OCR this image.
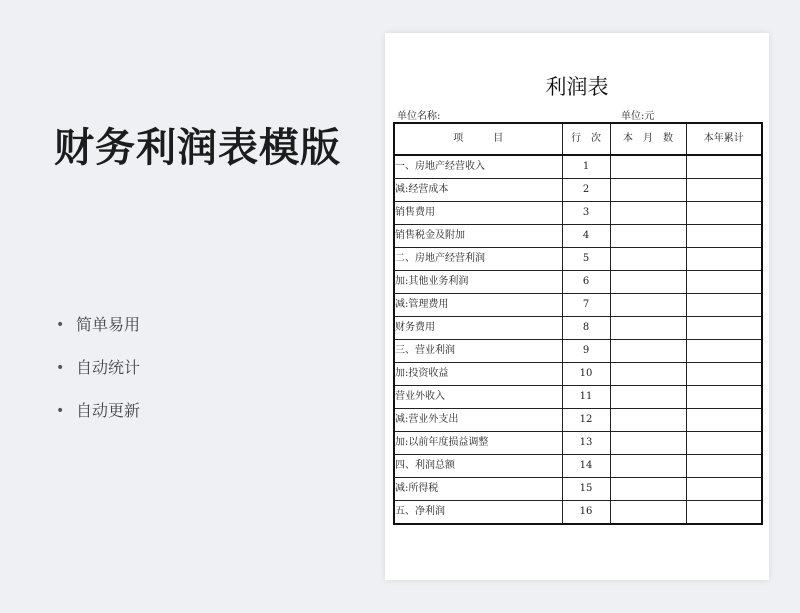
财务利润表模版
• 简单易用
• 自动统计
• 自动更新
利润表
单位名称:	单位:元
项　　　目	行　次	本　月　数	本年累计
一、房地产经营收入	1		
减:经营成本	2		
销售费用	3		
销售税金及附加	4		
二、房地产经营利润	5		
加:其他业务利润	6		
减:管理费用	7		
财务费用	8		
三、营业利润	9		
加:投资收益	10		
营业外收入	11		
减:营业外支出	12		
加:以前年度损益调整	13		
四、利润总额	14		
减:所得税	15		
五、净利润	16		
